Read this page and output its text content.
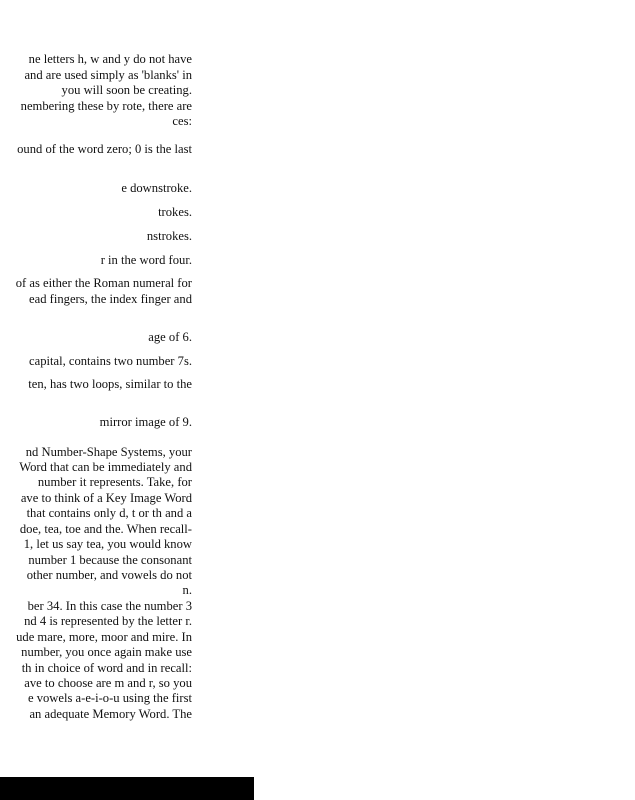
ne letters h, w and y do not have
and are used simply as 'blanks' in
you will soon be creating.
nembering these by rote, there are
ces:
ound of the word zero; 0 is the last
e downstroke.
trokes.
nstrokes.
r in the word four.
of as either the Roman numeral for
ead fingers, the index finger and
age of 6.
capital, contains two number 7s.
ten, has two loops, similar to the
mirror image of 9.
nd Number-Shape Systems, your
Word that can be immediately and
number it represents. Take, for
ave to think of a Key Image Word
that contains only d, t or th and a
doe, tea, toe and the. When recall-
1, let us say tea, you would know
number 1 because the consonant
other number, and vowels do not
n.
ber 34. In this case the number 3
nd 4 is represented by the letter r.
ude mare, more, moor and mire. In
number, you once again make use
th in choice of word and in recall:
ave to choose are m and r, so you
e vowels a-e-i-o-u using the first
an adequate Memory Word. The
